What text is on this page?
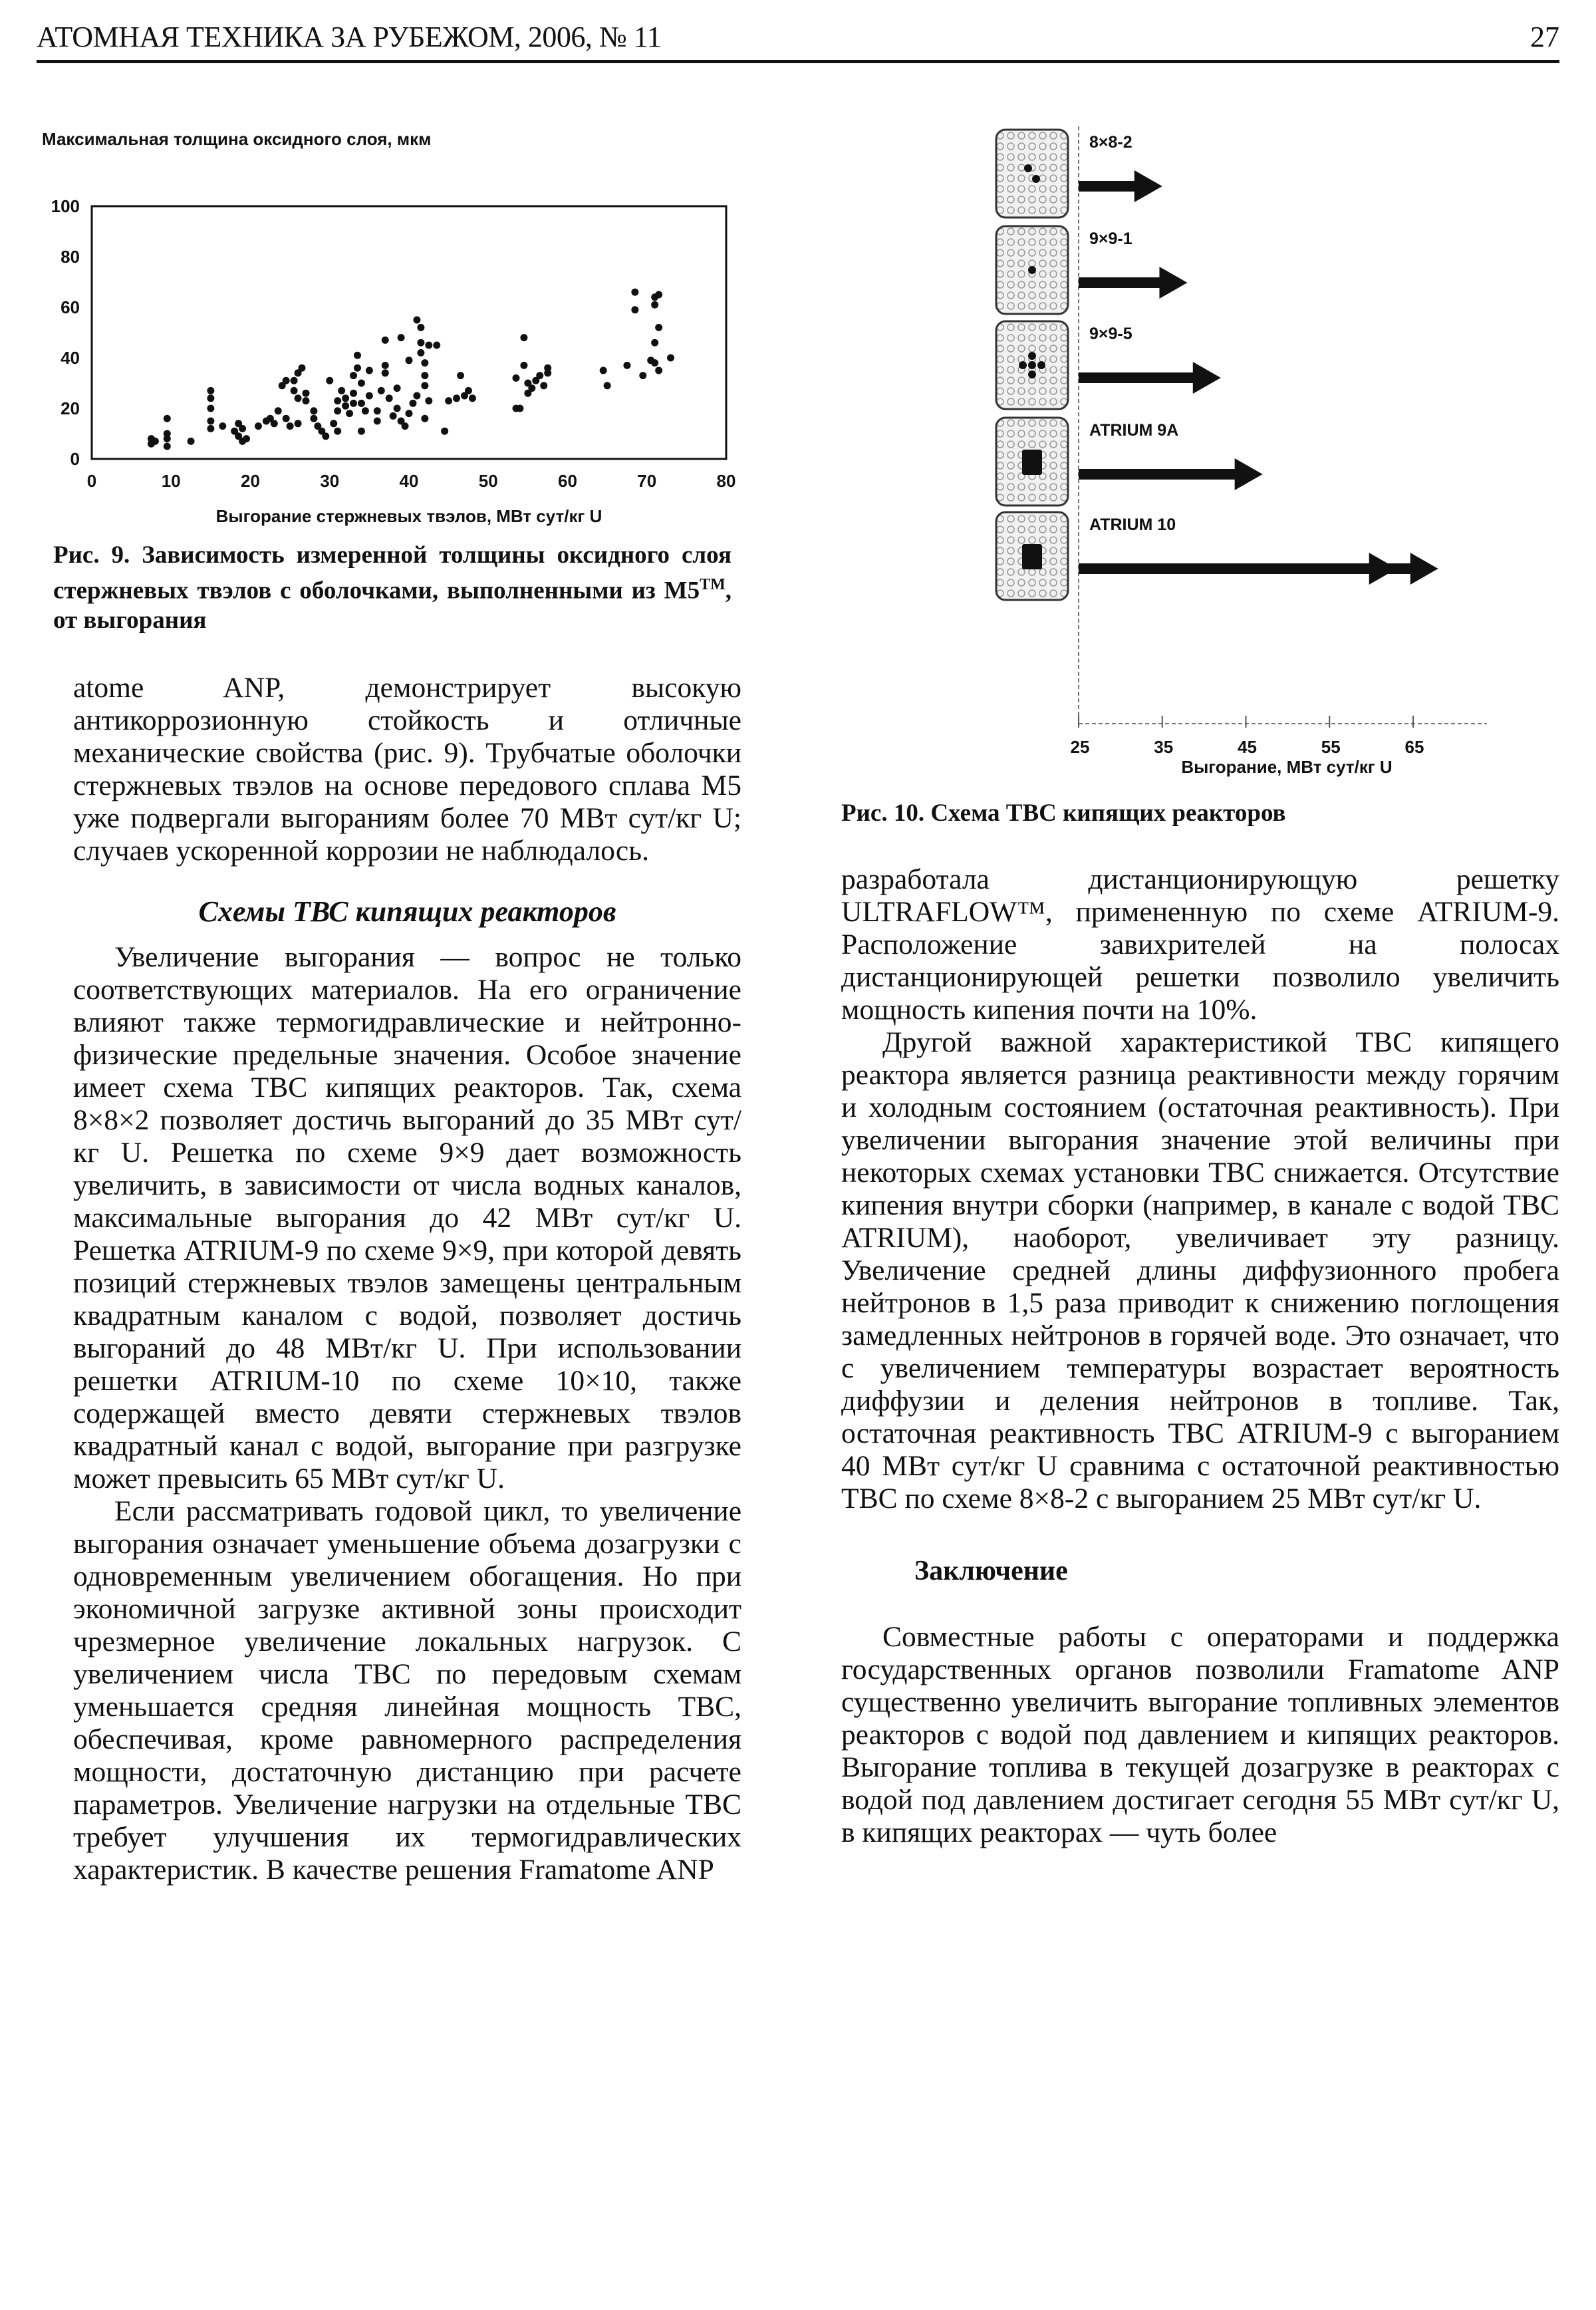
АТОМНАЯ ТЕХНИКА ЗА РУБЕЖОМ, 2006, № 11	27
Максимальная толщина оксидного слоя, мкм
0
20
40
60
80
100
0	10	20	30	40	50	60	70	80
Выгорание стержневых твэлов, МВт сут/кг U
Рис. 9. Зависимость измеренной толщины оксидного слоя стержневых твэлов с оболочками, выполненными из M5™, от выгорания
8×8-2
9×9-1
9×9-5
ATRIUM 9A
ATRIUM 10
25	35	45	55	65
Выгорание, МВт сут/кг U
Рис. 10. Схема ТВС кипящих реакторов

atome ANP, демонстрирует высокую антикоррозионную стойкость и отличные механические свойства (рис. 9). Трубчатые оболочки стержневых твэлов на основе передового сплава M5 уже подвергали выгораниям более 70 МВт сут/кг U; случаев ускоренной коррозии не наблюдалось.

Схемы ТВС кипящих реакторов

Увеличение выгорания — вопрос не только соответствующих материалов. На его ограничение влияют также термогидравлические и нейтронно-физические предельные значения. Особое значение имеет схема ТВС кипящих реакторов. Так, схема 8×8×2 позволяет достичь выгораний до 35 МВт сут/кг U. Решетка по схеме 9×9 дает возможность увеличить, в зависимости от числа водных каналов, максимальные выгорания до 42 МВт сут/кг U. Решетка ATRIUM-9 по схеме 9×9, при которой девять позиций стержневых твэлов замещены центральным квадратным каналом с водой, позволяет достичь выгораний до 48 МВт/кг U. При использовании решетки ATRIUM-10 по схеме 10×10, также содержащей вместо девяти стержневых твэлов квадратный канал с водой, выгорание при разгрузке может превысить 65 МВт сут/кг U.

Если рассматривать годовой цикл, то увеличение выгорания означает уменьшение объема дозагрузки с одновременным увеличением обогащения. Но при экономичной загрузке активной зоны происходит чрезмерное увеличение локальных нагрузок. С увеличением числа ТВС по передовым схемам уменьшается средняя линейная мощность ТВС, обеспечивая, кроме равномерного распределения мощности, достаточную дистанцию при расчете параметров. Увеличение нагрузки на отдельные ТВС требует улучшения их термогидравлических характеристик. В качестве решения Framatome ANP

разработала дистанционирующую решетку ULTRAFLOW™, примененную по схеме ATRIUM-9. Расположение завихрителей на полосах дистанционирующей решетки позволило увеличить мощность кипения почти на 10%.

Другой важной характеристикой ТВС кипящего реактора является разница реактивности между горячим и холодным состоянием (остаточная реактивность). При увеличении выгорания значение этой величины при некоторых схемах установки ТВС снижается. Отсутствие кипения внутри сборки (например, в канале с водой ТВС ATRIUM), наоборот, увеличивает эту разницу. Увеличение средней длины диффузионного пробега нейтронов в 1,5 раза приводит к снижению поглощения замедленных нейтронов в горячей воде. Это означает, что с увеличением температуры возрастает вероятность диффузии и деления нейтронов в топливе. Так, остаточная реактивность ТВС ATRIUM-9 с выгоранием 40 МВт сут/кг U сравнима с остаточной реактивностью ТВС по схеме 8×8-2 с выгоранием 25 МВт сут/кг U.

Заключение

Совместные работы с операторами и поддержка государственных органов позволили Framatome ANP существенно увеличить выгорание топливных элементов реакторов с водой под давлением и кипящих реакторов. Выгорание топлива в текущей дозагрузке в реакторах с водой под давлением достигает сегодня 55 МВт сут/кг U, в кипящих реакторах — чуть более
